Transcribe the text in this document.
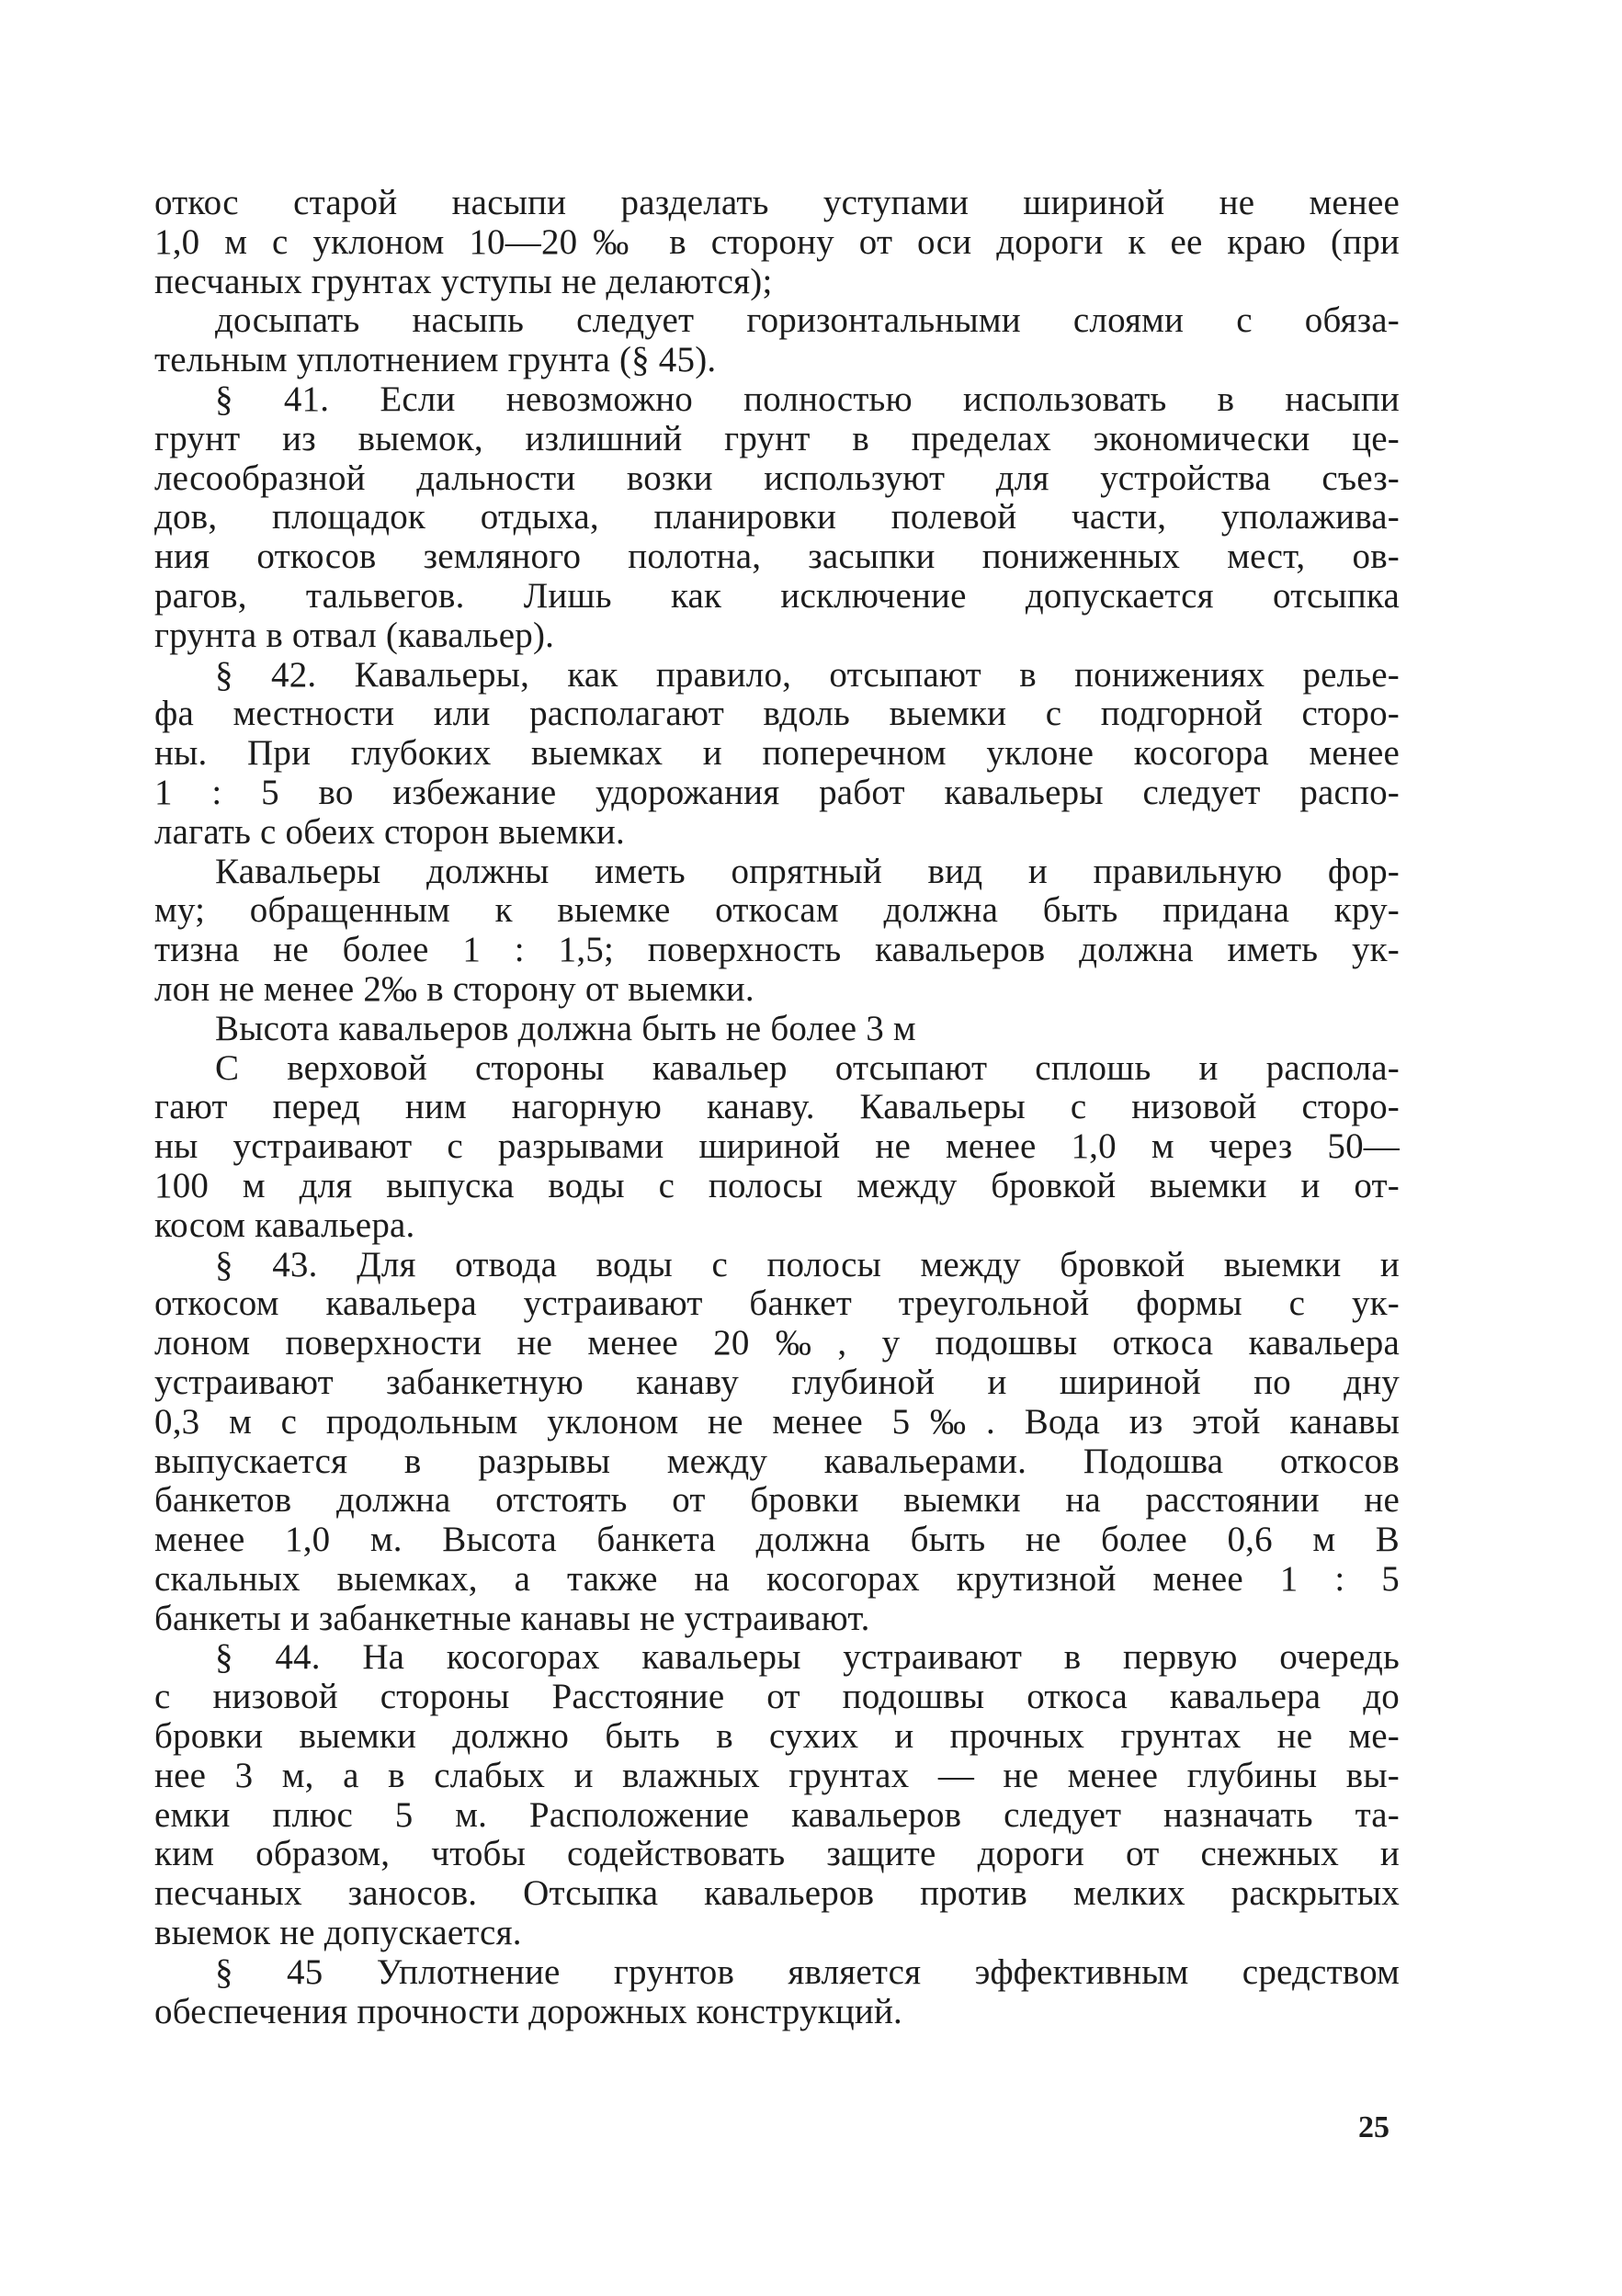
откос старой насыпи разделать уступами шириной не менее
1,0 м с уклоном 10—20‰ в сторону от оси дороги к ее краю (при
песчаных грунтах уступы не делаются);

досыпать насыпь следует горизонтальными слоями с обяза-
тельным уплотнением грунта (§ 45).

§ 41. Если невозможно полностью использовать в насыпи
грунт из выемок, излишний грунт в пределах экономически це-
лесообразной дальности возки используют для устройства съез-
дов, площадок отдыха, планировки полевой части, уполажива-
ния откосов земляного полотна, засыпки пониженных мест, ов-
рагов, тальвегов. Лишь как исключение допускается отсыпка
грунта в отвал (кавальер).

§ 42. Кавальеры, как правило, отсыпают в понижениях релье-
фа местности или располагают вдоль выемки с подгорной сторо-
ны. При глубоких выемках и поперечном уклоне косогора менее
1 : 5 во избежание удорожания работ кавальеры следует распо-
лагать с обеих сторон выемки.

Кавальеры должны иметь опрятный вид и правильную фор-
му; обращенным к выемке откосам должна быть придана кру-
тизна не более 1 : 1,5; поверхность кавальеров должна иметь ук-
лон не менее 2‰ в сторону от выемки.

Высота кавальеров должна быть не более 3 м

С верховой стороны кавальер отсыпают сплошь и распола-
гают перед ним нагорную канаву. Кавальеры с низовой сторо-
ны устраивают с разрывами шириной не менее 1,0 м через 50—
100 м для выпуска воды с полосы между бровкой выемки и от-
косом кавальера.

§ 43. Для отвода воды с полосы между бровкой выемки и
откосом кавальера устраивают банкет треугольной формы с ук-
лоном поверхности не менее 20‰, у подошвы откоса кавальера
устраивают забанкетную канаву глубиной и шириной по дну
0,3 м с продольным уклоном не менее 5‰. Вода из этой канавы
выпускается в разрывы между кавальерами. Подошва откосов
банкетов должна отстоять от бровки выемки на расстоянии не
менее 1,0 м. Высота банкета должна быть не более 0,6 м В
скальных выемках, а также на косогорах крутизной менее 1 : 5
банкеты и забанкетные канавы не устраивают.

§ 44. На косогорах кавальеры устраивают в первую очередь
с низовой стороны Расстояние от подошвы откоса кавальера до
бровки выемки должно быть в сухих и прочных грунтах не ме-
нее 3 м, а в слабых и влажных грунтах — не менее глубины вы-
емки плюс 5 м. Расположение кавальеров следует назначать та-
ким образом, чтобы содействовать защите дороги от снежных и
песчаных заносов. Отсыпка кавальеров против мелких раскрытых
выемок не допускается.

§ 45 Уплотнение грунтов является эффективным средством
обеспечения прочности дорожных конструкций.

25
